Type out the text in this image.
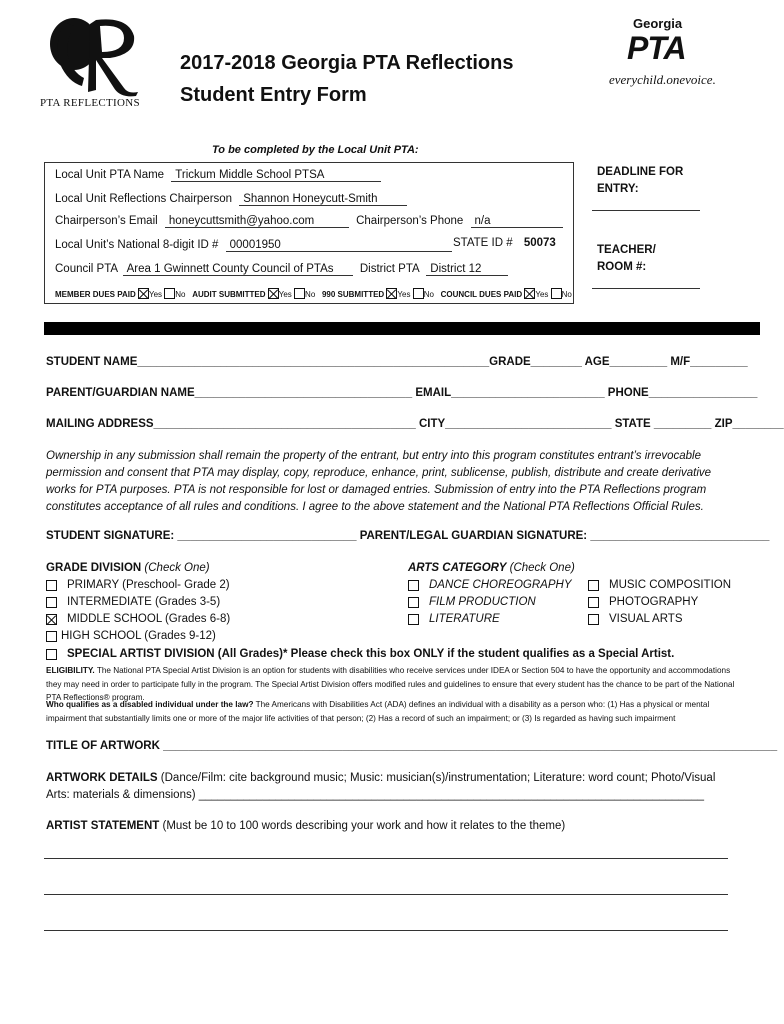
PTA REFLECTIONS
2017-2018 Georgia PTA Reflections
Student Entry Form
Georgia
PTA
everychild.onevoice.
To be completed by the Local Unit PTA:
Local Unit PTA Name Trickum Middle School PTSA
Local Unit Reflections Chairperson Shannon Honeycutt-Smith
Chairperson’s Email honeycuttsmith@yahoo.com	Chairperson’s Phone n/a
Local Unit’s National 8-digit ID # 00001950	STATE ID # 50073
Council PTA Area 1 Gwinnett County Council of PTAs District PTA District 12
MEMBER DUES PAID Yes No AUDIT SUBMITTED Yes No 990 SUBMITTED Yes No COUNCIL DUES PAID Yes No
DEADLINE FOR ENTRY:
TEACHER/ ROOM #:
STUDENT NAME_______________________________________________________GRADE________ AGE_________ M/F_________
PARENT/GUARDIAN NAME__________________________________ EMAIL________________________ PHONE_________________
MAILING ADDRESS_________________________________________ CITY__________________________ STATE _________ ZIP________
Ownership in any submission shall remain the property of the entrant, but entry into this program constitutes entrant’s irrevocable permission and consent that PTA may display, copy, reproduce, enhance, print, sublicense, publish, distribute and create derivative works for PTA purposes. PTA is not responsible for lost or damaged entries. Submission of entry into the PTA Reflections program constitutes acceptance of all rules and conditions. I agree to the above statement and the National PTA Reflections Official Rules.
STUDENT SIGNATURE: ____________________________ PARENT/LEGAL GUARDIAN SIGNATURE: ____________________________
GRADE DIVISION (Check One)
PRIMARY (Preschool- Grade 2)
INTERMEDIATE (Grades 3-5)
MIDDLE SCHOOL (Grades 6-8)
HIGH SCHOOL (Grades 9-12)
ARTS CATEGORY (Check One)
DANCE CHOREOGRAPHY
FILM PRODUCTION
LITERATURE
MUSIC COMPOSITION
PHOTOGRAPHY
VISUAL ARTS
SPECIAL ARTIST DIVISION (All Grades)* Please check this box ONLY if the student qualifies as a Special Artist.
ELIGIBILITY. The National PTA Special Artist Division is an option for students with disabilities who receive services under IDEA or Section 504 to have the opportunity and accommodations they may need in order to participate fully in the program. The Special Artist Division offers modified rules and guidelines to ensure that every student has the chance to be part of the National PTA Reflections® program.
Who qualifies as a disabled individual under the law? The Americans with Disabilities Act (ADA) defines an individual with a disability as a person who: (1) Has a physical or mental impairment that substantially limits one or more of the major life activities of that person; (2) Has a record of such an impairment; or (3) Is regarded as having such impairment
TITLE OF ARTWORK ________________________________________________________________________________________________
ARTWORK DETAILS (Dance/Film: cite background music; Music: musician(s)/instrumentation; Literature: word count; Photo/Visual
Arts: materials & dimensions) _______________________________________________________________________________
ARTIST STATEMENT (Must be 10 to 100 words describing your work and how it relates to the theme)
